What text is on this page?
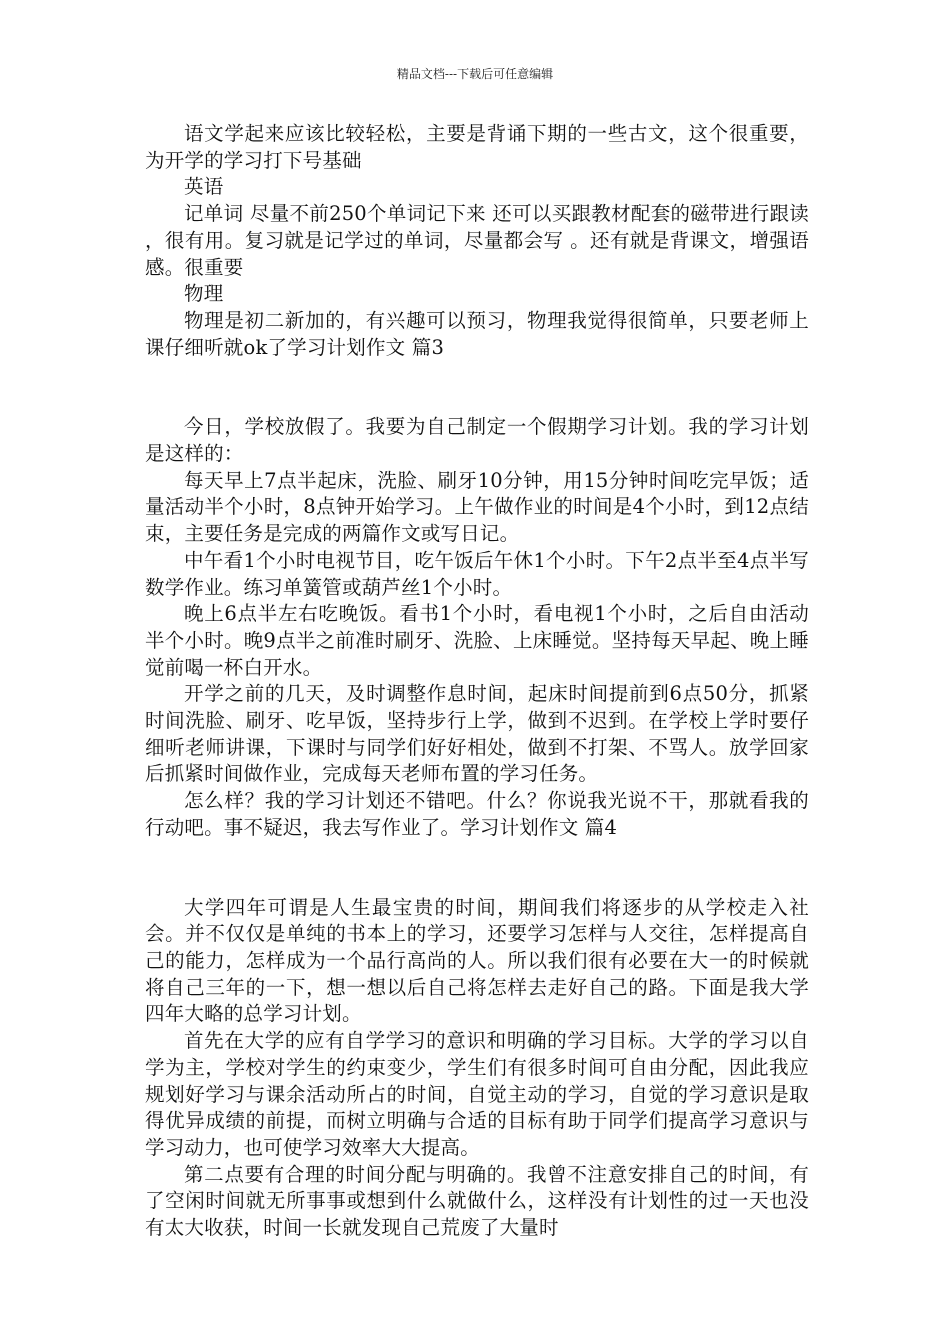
精品文档---下载后可任意编辑

语文学起来应该比较轻松，主要是背诵下期的一些古文，这个很重要，为开学的学习打下号基础

英语

记单词 尽量不前250个单词记下来 还可以买跟教材配套的磁带进行跟读 ，很有用。复习就是记学过的单词，尽量都会写 。还有就是背课文，增强语感。很重要

物理

物理是初二新加的，有兴趣可以预习，物理我觉得很简单，只要老师上课仔细听就ok了学习计划作文 篇3

今日，学校放假了。我要为自己制定一个假期学习计划。我的学习计划是这样的：

每天早上7点半起床，洗脸、刷牙10分钟，用15分钟时间吃完早饭；适量活动半个小时，8点钟开始学习。上午做作业的时间是4个小时，到12点结束，主要任务是完成的两篇作文或写日记。

中午看1个小时电视节目，吃午饭后午休1个小时。下午2点半至4点半写数学作业。练习单簧管或葫芦丝1个小时。

晚上6点半左右吃晚饭。看书1个小时，看电视1个小时，之后自由活动半个小时。晚9点半之前准时刷牙、洗脸、上床睡觉。坚持每天早起、晚上睡觉前喝一杯白开水。

开学之前的几天，及时调整作息时间，起床时间提前到6点50分，抓紧时间洗脸、刷牙、吃早饭，坚持步行上学，做到不迟到。在学校上学时要仔细听老师讲课，下课时与同学们好好相处，做到不打架、不骂人。放学回家后抓紧时间做作业，完成每天老师布置的学习任务。

怎么样？我的学习计划还不错吧。什么？你说我光说不干，那就看我的行动吧。事不疑迟，我去写作业了。学习计划作文 篇4

大学四年可谓是人生最宝贵的时间，期间我们将逐步的从学校走入社会。并不仅仅是单纯的书本上的学习，还要学习怎样与人交往，怎样提高自己的能力，怎样成为一个品行高尚的人。所以我们很有必要在大一的时候就将自己三年的一下，想一想以后自己将怎样去走好自己的路。下面是我大学四年大略的总学习计划。

首先在大学的应有自学学习的意识和明确的学习目标。大学的学习以自学为主，学校对学生的约束变少，学生们有很多时间可自由分配，因此我应规划好学习与课余活动所占的时间，自觉主动的学习，自觉的学习意识是取得优异成绩的前提，而树立明确与合适的目标有助于同学们提高学习意识与学习动力，也可使学习效率大大提高。

第二点要有合理的时间分配与明确的。我曾不注意安排自己的时间，有了空闲时间就无所事事或想到什么就做什么，这样没有计划性的过一天也没有太大收获，时间一长就发现自己荒废了大量时
